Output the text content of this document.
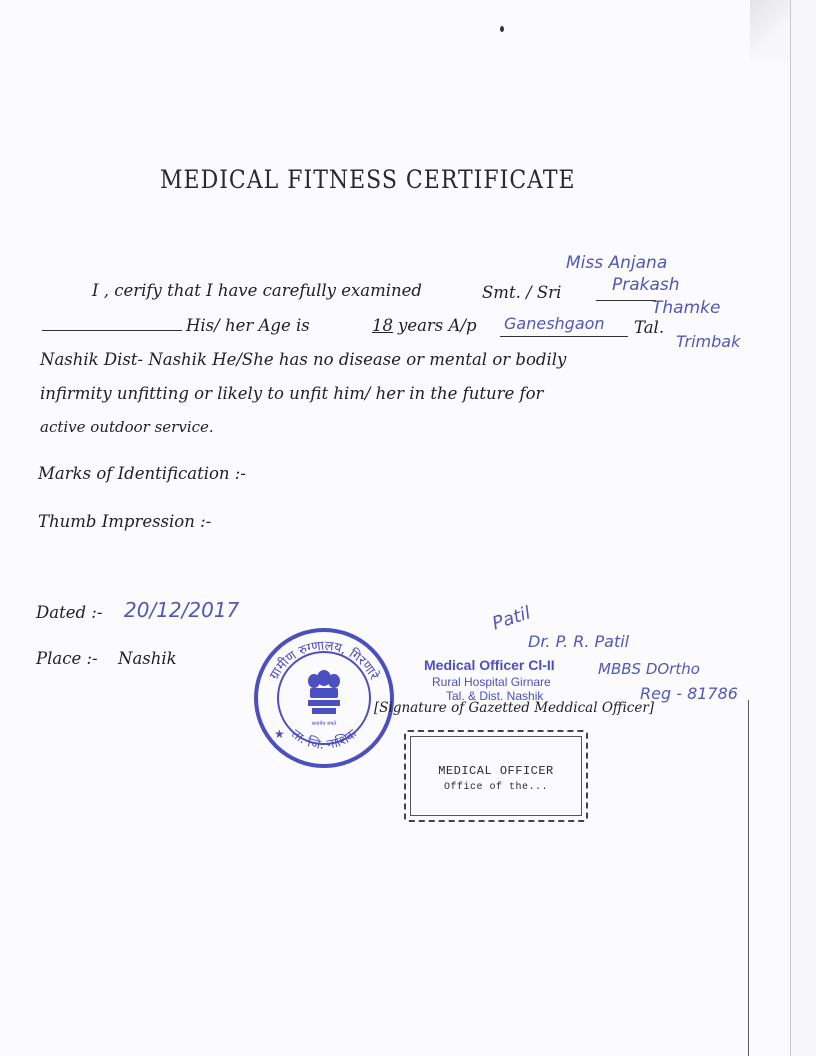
MEDICAL FITNESS CERTIFICATE
I , cerify that I have carefully examined	Smt. / Sri
Miss Anjana
Prakash
Thamke
His/ her Age is	18 years A/p Ganeshgaon Tal.
Trimbak
Nashik Dist- Nashik He/She has no disease or mental or bodily
infirmity unfitting or likely to unfit him/ her in the future for
active outdoor service.
Marks of Identification :-
Thumb Impression :-
Dated :- 20/12/2017
Place :- Nashik
ग्रामीण रुग्णालय, गिरणारे
ता. जि. नाशिक
सत्यमेव जयते
★
Patil
Dr. P. R. Patil
MBBS DOrtho
Reg - 81786
Medical Officer Cl-II
Rural Hospital Girnare
Tal. & Dist. Nashik
[Signature of Gazetted Meddical Officer]
MEDICAL OFFICER
Office of the...
